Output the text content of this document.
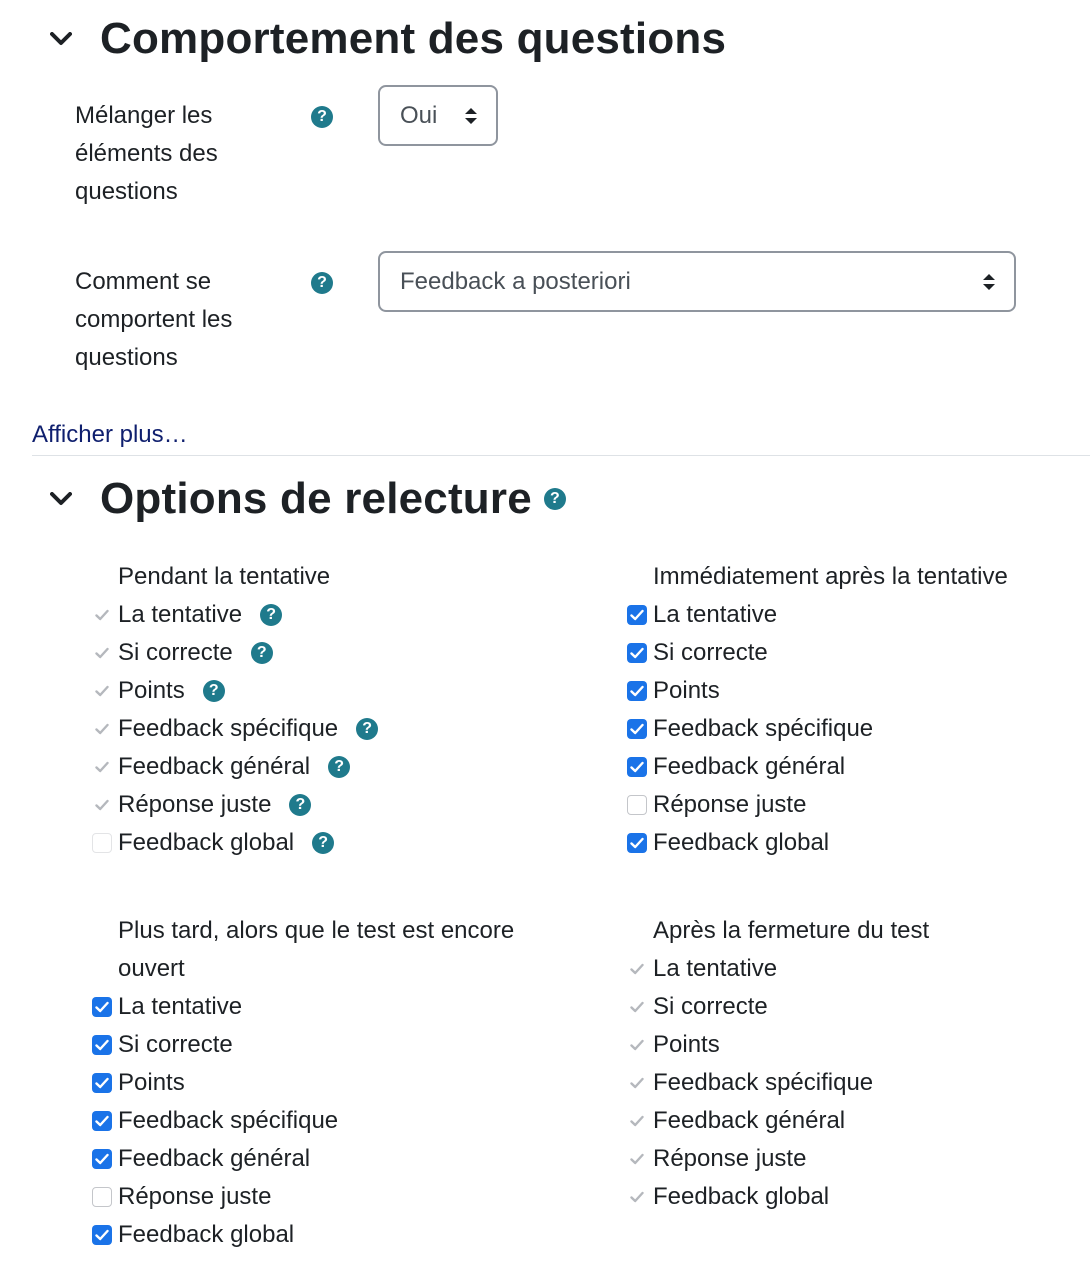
Comportement des questions
Mélanger les éléments des questions
?	Oui
Comment se comportent les questions
?	Feedback a posteriori
Afficher plus…
Options de relecture	?
Pendant la tentative
La tentative	?
Si correcte	?
Points	?
Feedback spécifique	?
Feedback général	?
Réponse juste	?
Feedback global	?
Immédiatement après la tentative
La tentative
Si correcte
Points
Feedback spécifique
Feedback général
Réponse juste
Feedback global
Plus tard, alors que le test est encore ouvert
La tentative
Si correcte
Points
Feedback spécifique
Feedback général
Réponse juste
Feedback global
Après la fermeture du test
La tentative
Si correcte
Points
Feedback spécifique
Feedback général
Réponse juste
Feedback global
